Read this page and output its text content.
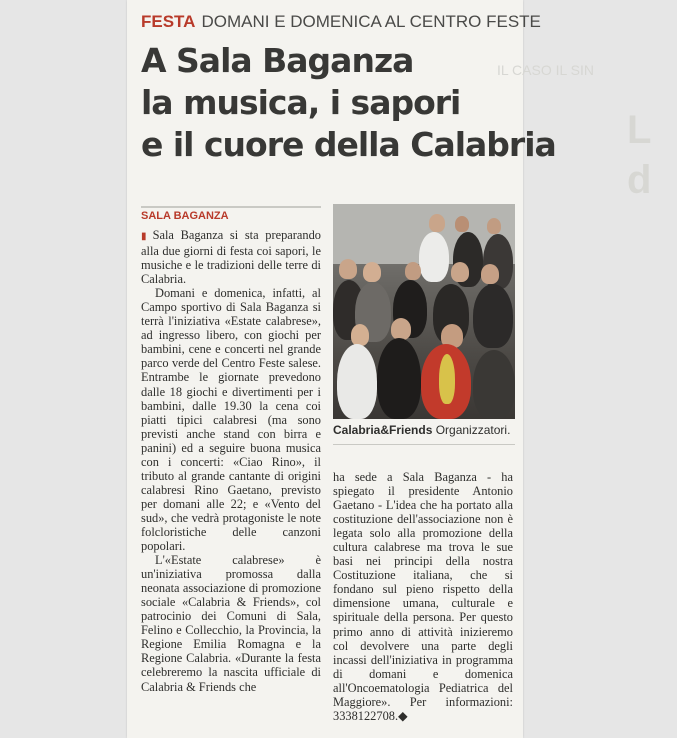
IL CASO IL SIN
L
d
FESTA DOMANI E DOMENICA AL CENTRO FESTE
A Sala Baganza
la musica, i sapori
e il cuore della Calabria
SALA BAGANZA

▮ Sala Baganza si sta preparando alla due giorni di festa coi sapori, le musiche e le tradizioni delle terre di Calabria.

Domani e domenica, infatti, al Campo sportivo di Sala Baganza si terrà l'iniziativa «Estate calabrese», ad ingresso libero, con giochi per bambini, cene e concerti nel grande parco verde del Centro Feste salese. Entrambe le giornate prevedono dalle 18 giochi e divertimenti per i bambini, dalle 19.30 la cena coi piatti tipici calabresi (ma sono previsti anche stand con birra e panini) ed a seguire buona musica con i concerti: «Ciao Rino», il tributo al grande cantante di origini calabresi Rino Gaetano, previsto per domani alle 22; e «Vento del sud», che vedrà protagoniste le note folcloristiche delle canzoni popolari.

L'«Estate calabrese» è un'iniziativa promossa dalla neonata associazione di promozione sociale «Calabria & Friends», col patrocinio dei Comuni di Sala, Felino e Collecchio, la Provincia, la Regione Emilia Romagna e la Regione Calabria. «Durante la festa celebreremo la nascita ufficiale di Calabria & Friends che

Calabria&Friends Organizzatori.

ha sede a Sala Baganza - ha spiegato il presidente Antonio Gaetano - L'idea che ha portato alla costituzione dell'associazione non è legata solo alla promozione della cultura calabrese ma trova le sue basi nei principi della nostra Costituzione italiana, che si fondano sul pieno rispetto della dimensione umana, culturale e spirituale della persona. Per questo primo anno di attività inizieremo col devolvere una parte degli incassi dell'iniziativa in programma di domani e domenica all'Oncoematologia Pediatrica del Maggiore». Per informazioni: 3338122708.◆
